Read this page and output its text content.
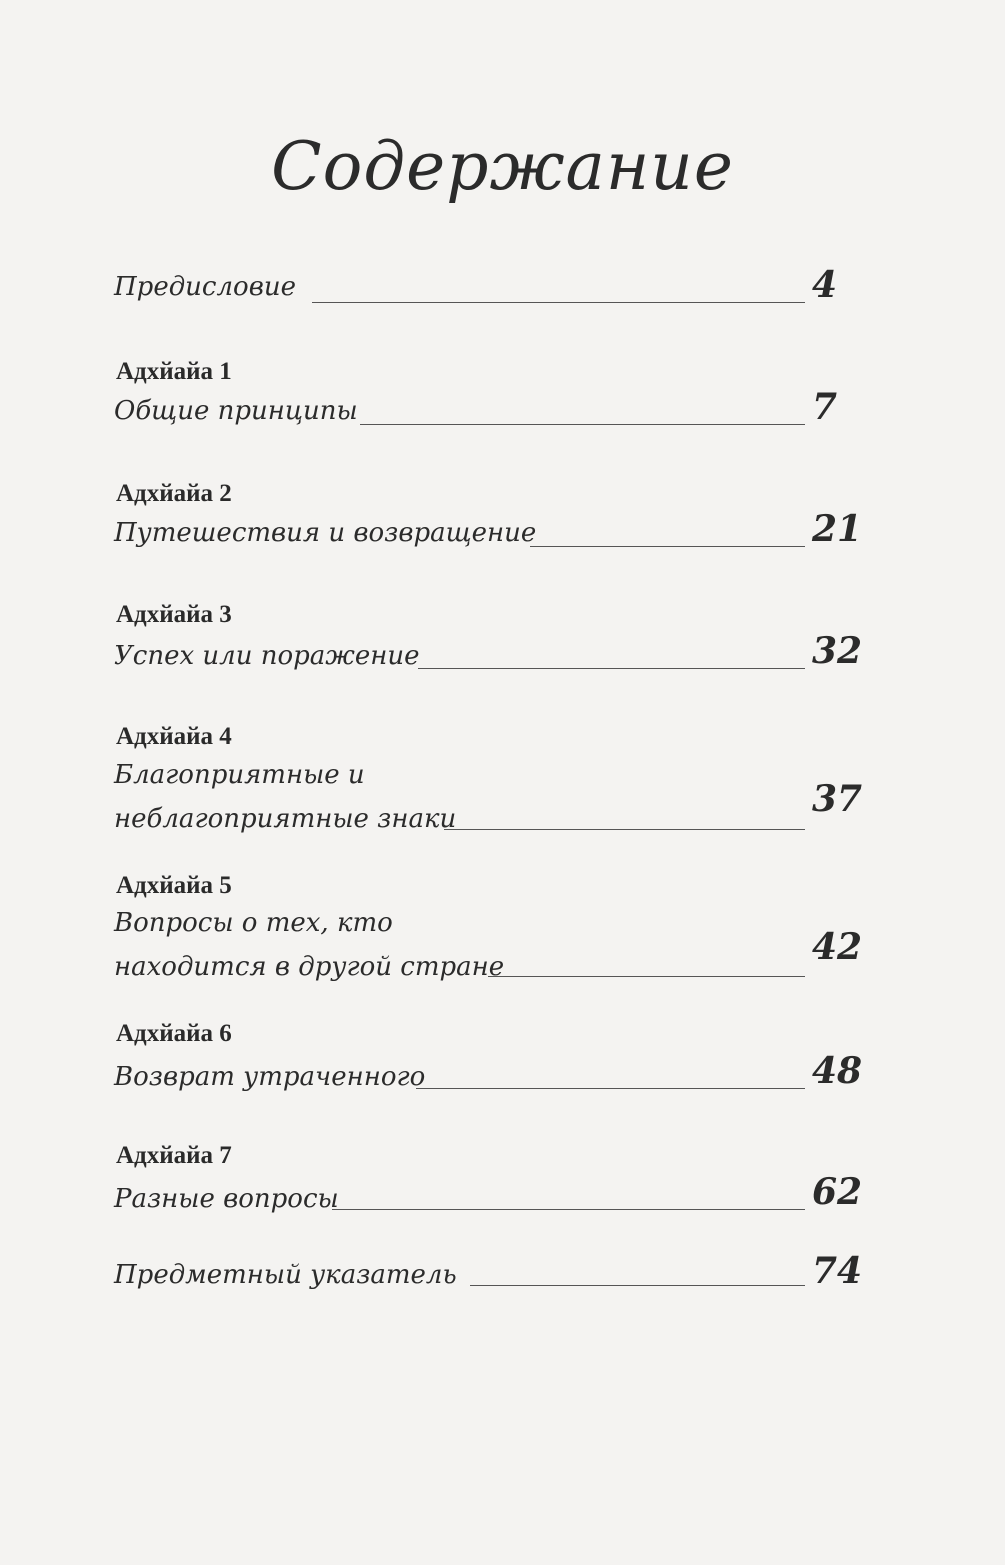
Содержание
Предисловие	4
Адхйайа 1
Общие принципы	7
Адхйайа 2
Путешествия и возвращение	21
Адхйайа 3
Успех или поражение	32
Адхйайа 4
Благоприятные и
неблагоприятные знаки	37
Адхйайа 5
Вопросы о тех, кто
находится в другой стране	42
Адхйайа 6
Возврат утраченного	48
Адхйайа 7
Разные вопросы	62
Предметный указатель	74
